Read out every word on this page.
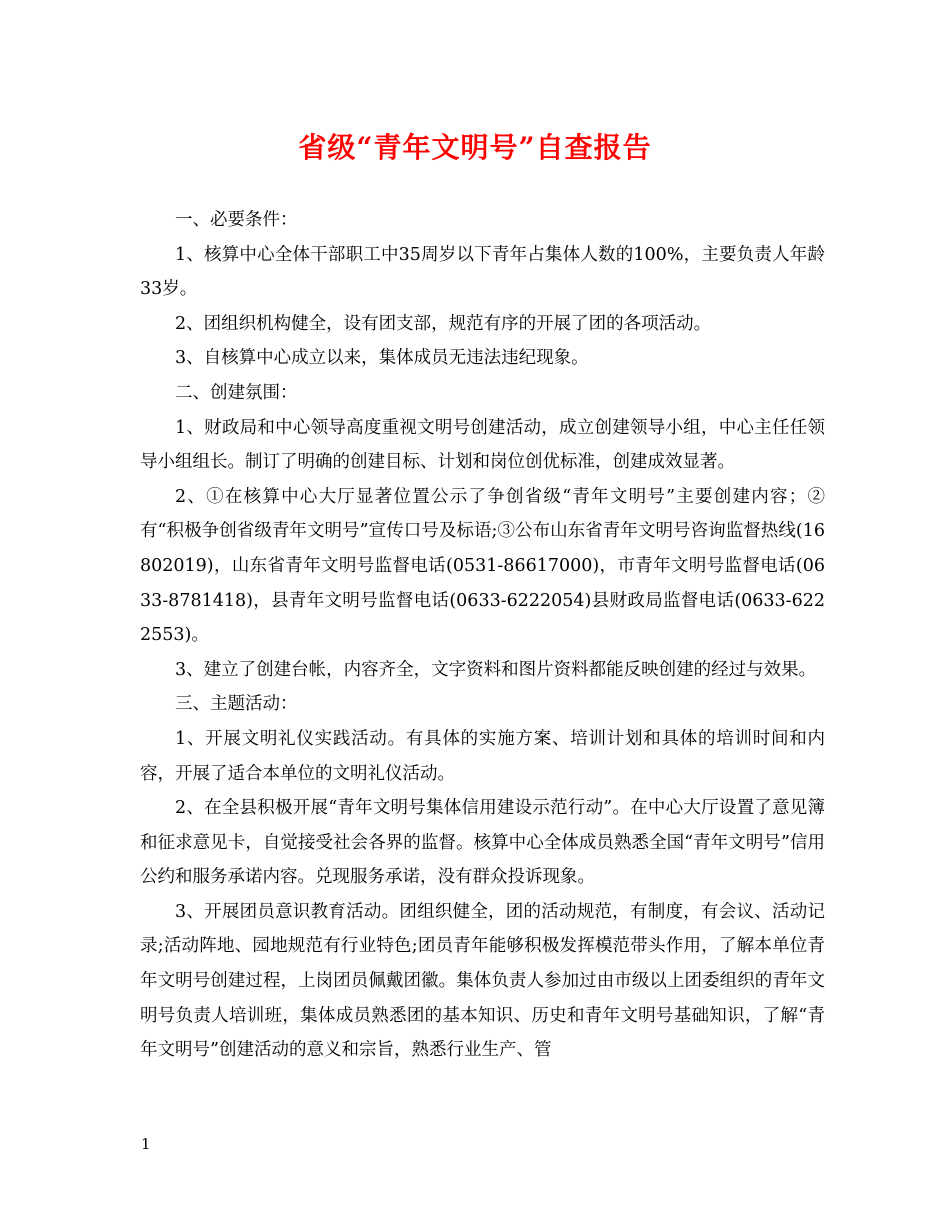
省级“青年文明号”自查报告

一、必要条件：

1、核算中心全体干部职工中35周岁以下青年占集体人数的100%，主要负责人年龄33岁。

2、团组织机构健全，设有团支部，规范有序的开展了团的各项活动。

3、自核算中心成立以来，集体成员无违法违纪现象。

二、创建氛围：

1、财政局和中心领导高度重视文明号创建活动，成立创建领导小组，中心主任任领导小组组长。制订了明确的创建目标、计划和岗位创优标准，创建成效显著。

2、①在核算中心大厅显著位置公示了争创省级“青年文明号”主要创建内容；②有“积极争创省级青年文明号”宣传口号及标语;③公布山东省青年文明号咨询监督热线(16802019)，山东省青年文明号监督电话(0531-86617000)，市青年文明号监督电话(0633-8781418)，县青年文明号监督电话(0633-6222054)县财政局监督电话(0633-6222553)。

3、建立了创建台帐，内容齐全，文字资料和图片资料都能反映创建的经过与效果。

三、主题活动：

1、开展文明礼仪实践活动。有具体的实施方案、培训计划和具体的培训时间和内容，开展了适合本单位的文明礼仪活动。

2、在全县积极开展“青年文明号集体信用建设示范行动”。在中心大厅设置了意见簿和征求意见卡，自觉接受社会各界的监督。核算中心全体成员熟悉全国“青年文明号”信用公约和服务承诺内容。兑现服务承诺，没有群众投诉现象。

3、开展团员意识教育活动。团组织健全，团的活动规范，有制度，有会议、活动记录;活动阵地、园地规范有行业特色;团员青年能够积极发挥模范带头作用，了解本单位青年文明号创建过程，上岗团员佩戴团徽。集体负责人参加过由市级以上团委组织的青年文明号负责人培训班，集体成员熟悉团的基本知识、历史和青年文明号基础知识，了解“青年文明号”创建活动的意义和宗旨，熟悉行业生产、管

1
